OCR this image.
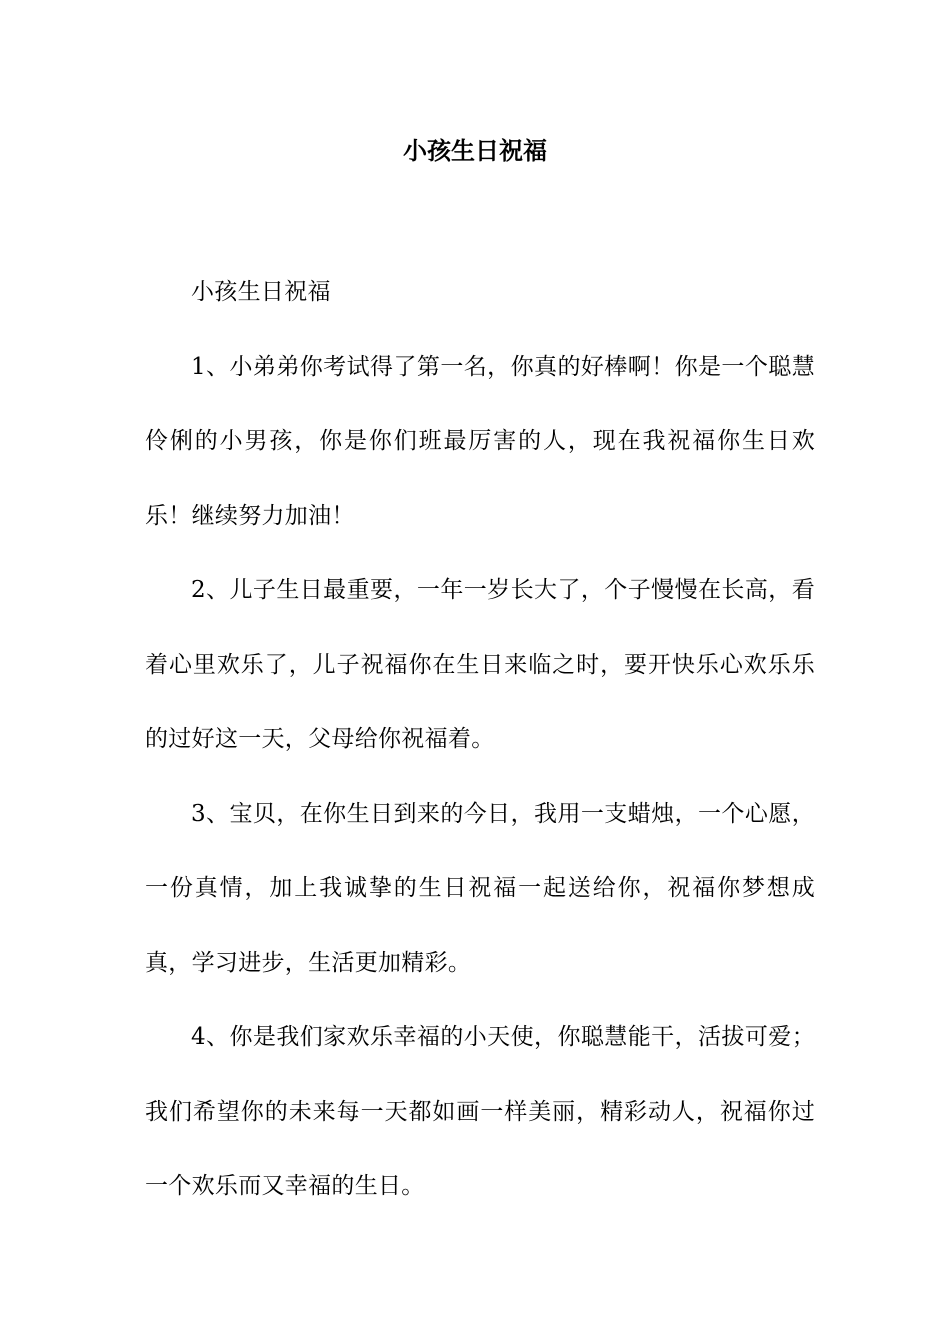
小孩生日祝福

小孩生日祝福

1、小弟弟你考试得了第一名，你真的好棒啊！你是一个聪慧伶俐的小男孩，你是你们班最厉害的人，现在我祝福你生日欢乐！继续努力加油！

2、儿子生日最重要，一年一岁长大了，个子慢慢在长高，看着心里欢乐了，儿子祝福你在生日来临之时，要开快乐心欢乐乐的过好这一天，父母给你祝福着。

3、宝贝，在你生日到来的今日，我用一支蜡烛，一个心愿，一份真情，加上我诚挚的生日祝福一起送给你，祝福你梦想成真，学习进步，生活更加精彩。

4、你是我们家欢乐幸福的小天使，你聪慧能干，活拔可爱；我们希望你的未来每一天都如画一样美丽，精彩动人，祝福你过一个欢乐而又幸福的生日。
